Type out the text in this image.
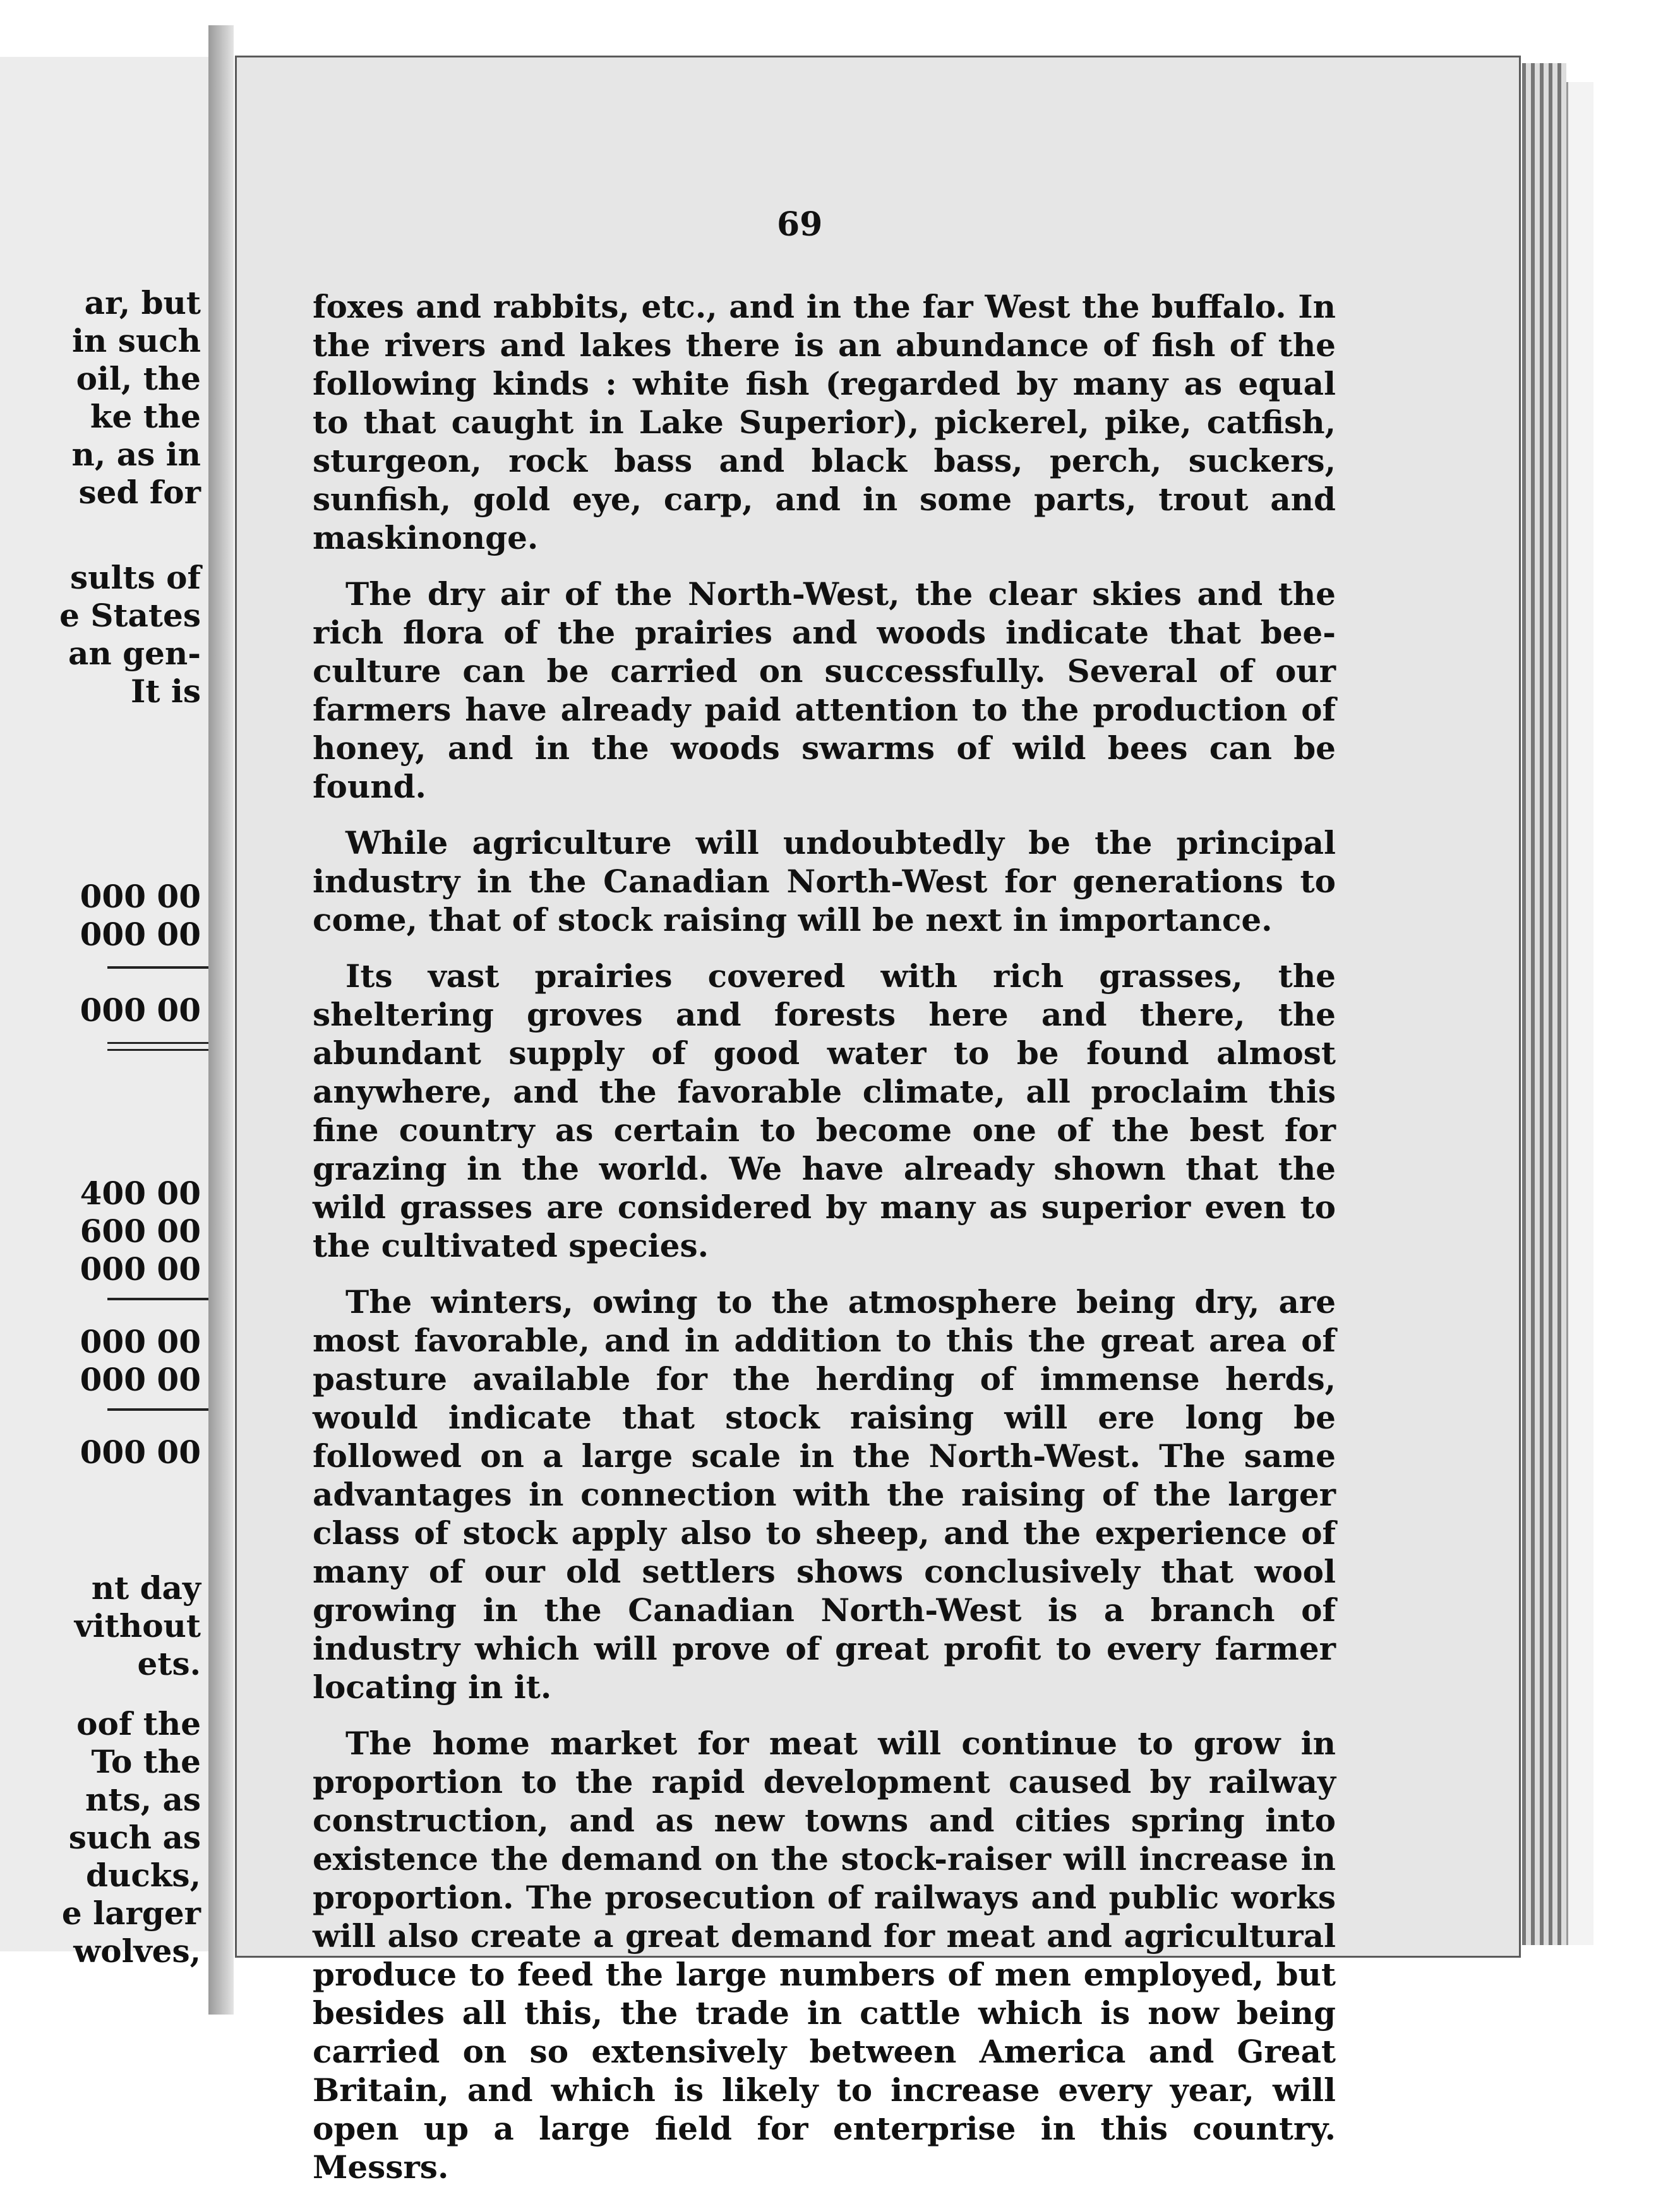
ar, but
in such
oil, the
ke the
n, as in
sed for
sults of
e States
an gen-
It is
000 00
000 00
000 00
400 00
600 00
000 00
000 00
000 00
000 00
nt day
vithout
ets.
oof the
To the
nts, as
such as
ducks,
e larger
wolves,
69

foxes and rabbits, etc., and in the far West the buffalo. In the rivers and lakes there is an abundance of fish of the following kinds : white fish (regarded by many as equal to that caught in Lake Superior), pickerel, pike, catfish, sturgeon, rock bass and black bass, perch, suckers, sunfish, gold eye, carp, and in some parts, trout and maskinonge.

The dry air of the North-West, the clear skies and the rich flora of the prairies and woods indicate that bee-culture can be carried on successfully. Several of our farmers have already paid attention to the production of honey, and in the woods swarms of wild bees can be found.

While agriculture will undoubtedly be the principal industry in the Canadian North-West for generations to come, that of stock raising will be next in importance.

Its vast prairies covered with rich grasses, the sheltering groves and forests here and there, the abundant supply of good water to be found almost anywhere, and the favorable climate, all proclaim this fine country as certain to become one of the best for grazing in the world. We have already shown that the wild grasses are considered by many as superior even to the cultivated species.

The winters, owing to the atmosphere being dry, are most favorable, and in addition to this the great area of pasture available for the herding of immense herds, would indicate that stock raising will ere long be followed on a large scale in the North-West. The same advantages in connection with the raising of the larger class of stock apply also to sheep, and the experience of many of our old settlers shows conclusively that wool growing in the Canadian North-West is a branch of industry which will prove of great profit to every farmer locating in it.

The home market for meat will continue to grow in proportion to the rapid development caused by railway construction, and as new towns and cities spring into existence the demand on the stock-raiser will increase in proportion. The prosecution of railways and public works will also create a great demand for meat and agricultural produce to feed the large numbers of men employed, but besides all this, the trade in cattle which is now being carried on so extensively between America and Great Britain, and which is likely to increase every year, will open up a large field for enterprise in this country. Messrs.
